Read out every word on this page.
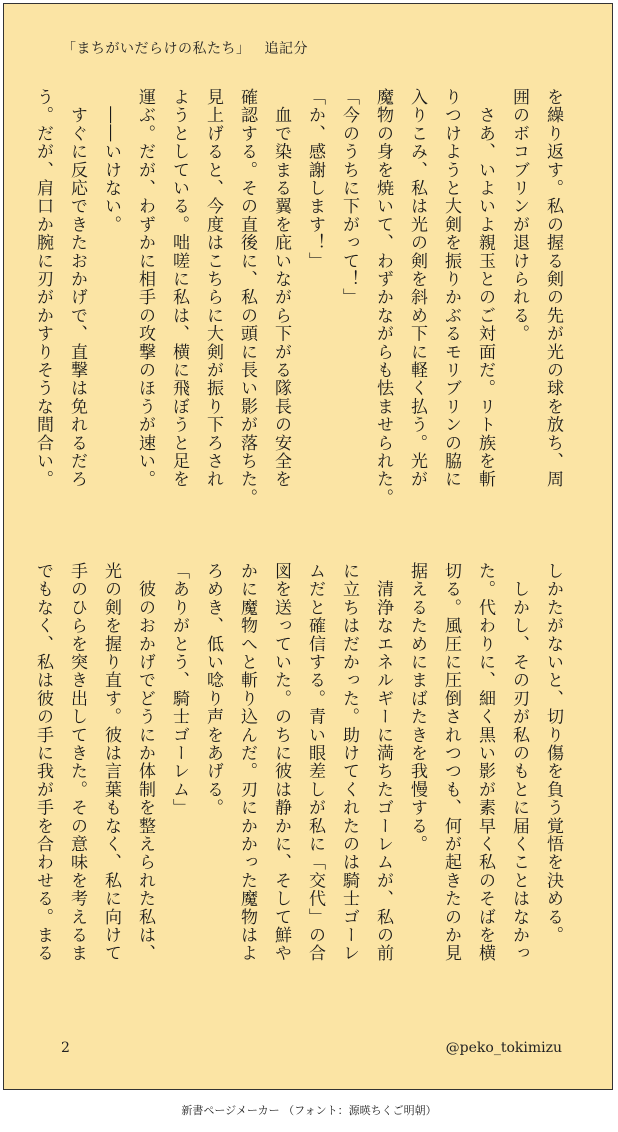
「まちがいだらけの私たち」 追記分

を繰り返す。私の握る剣の先が光の球を放ち、周

囲のボコブリンが退けられる。

　さあ、いよいよ親玉とのご対面だ。リト族を斬

りつけようと大剣を振りかぶるモリブリンの脇に

入りこみ、私は光の剣を斜め下に軽く払う。光が

魔物の身を焼いて、わずかながらも怯ませられた。

「今のうちに下がって！」

「か、感謝します！」

　血で染まる翼を庇いながら下がる隊長の安全を

確認する。その直後に、私の頭に長い影が落ちた。

見上げると、今度はこちらに大剣が振り下ろされ

ようとしている。咄嗟に私は、横に飛ぼうと足を

運ぶ。だが、わずかに相手の攻撃のほうが速い。

　――いけない。

　すぐに反応できたおかげで、直撃は免れるだろ

う。だが、肩口か腕に刃がかすりそうな間合い。

しかたがないと、切り傷を負う覚悟を決める。

　しかし、その刃が私のもとに届くことはなかっ

た。代わりに、細く黒い影が素早く私のそばを横

切る。風圧に圧倒されつつも、何が起きたのか見

据えるためにまばたきを我慢する。

　清浄なエネルギーに満ちたゴーレムが、私の前

に立ちはだかった。助けてくれたのは騎士ゴーレ

ムだと確信する。青い眼差しが私に「交代」の合

図を送っていた。のちに彼は静かに、そして鮮や

かに魔物へと斬り込んだ。刃にかかった魔物はよ

ろめき、低い唸り声をあげる。

「ありがとう、騎士ゴーレム」

　彼のおかげでどうにか体制を整えられた私は、

光の剣を握り直す。彼は言葉もなく、私に向けて

手のひらを突き出してきた。その意味を考えるま

でもなく、私は彼の手に我が手を合わせる。まる

2	@peko_tokimizu
新書ページメーカー （フォント：源暎ちくご明朝）
